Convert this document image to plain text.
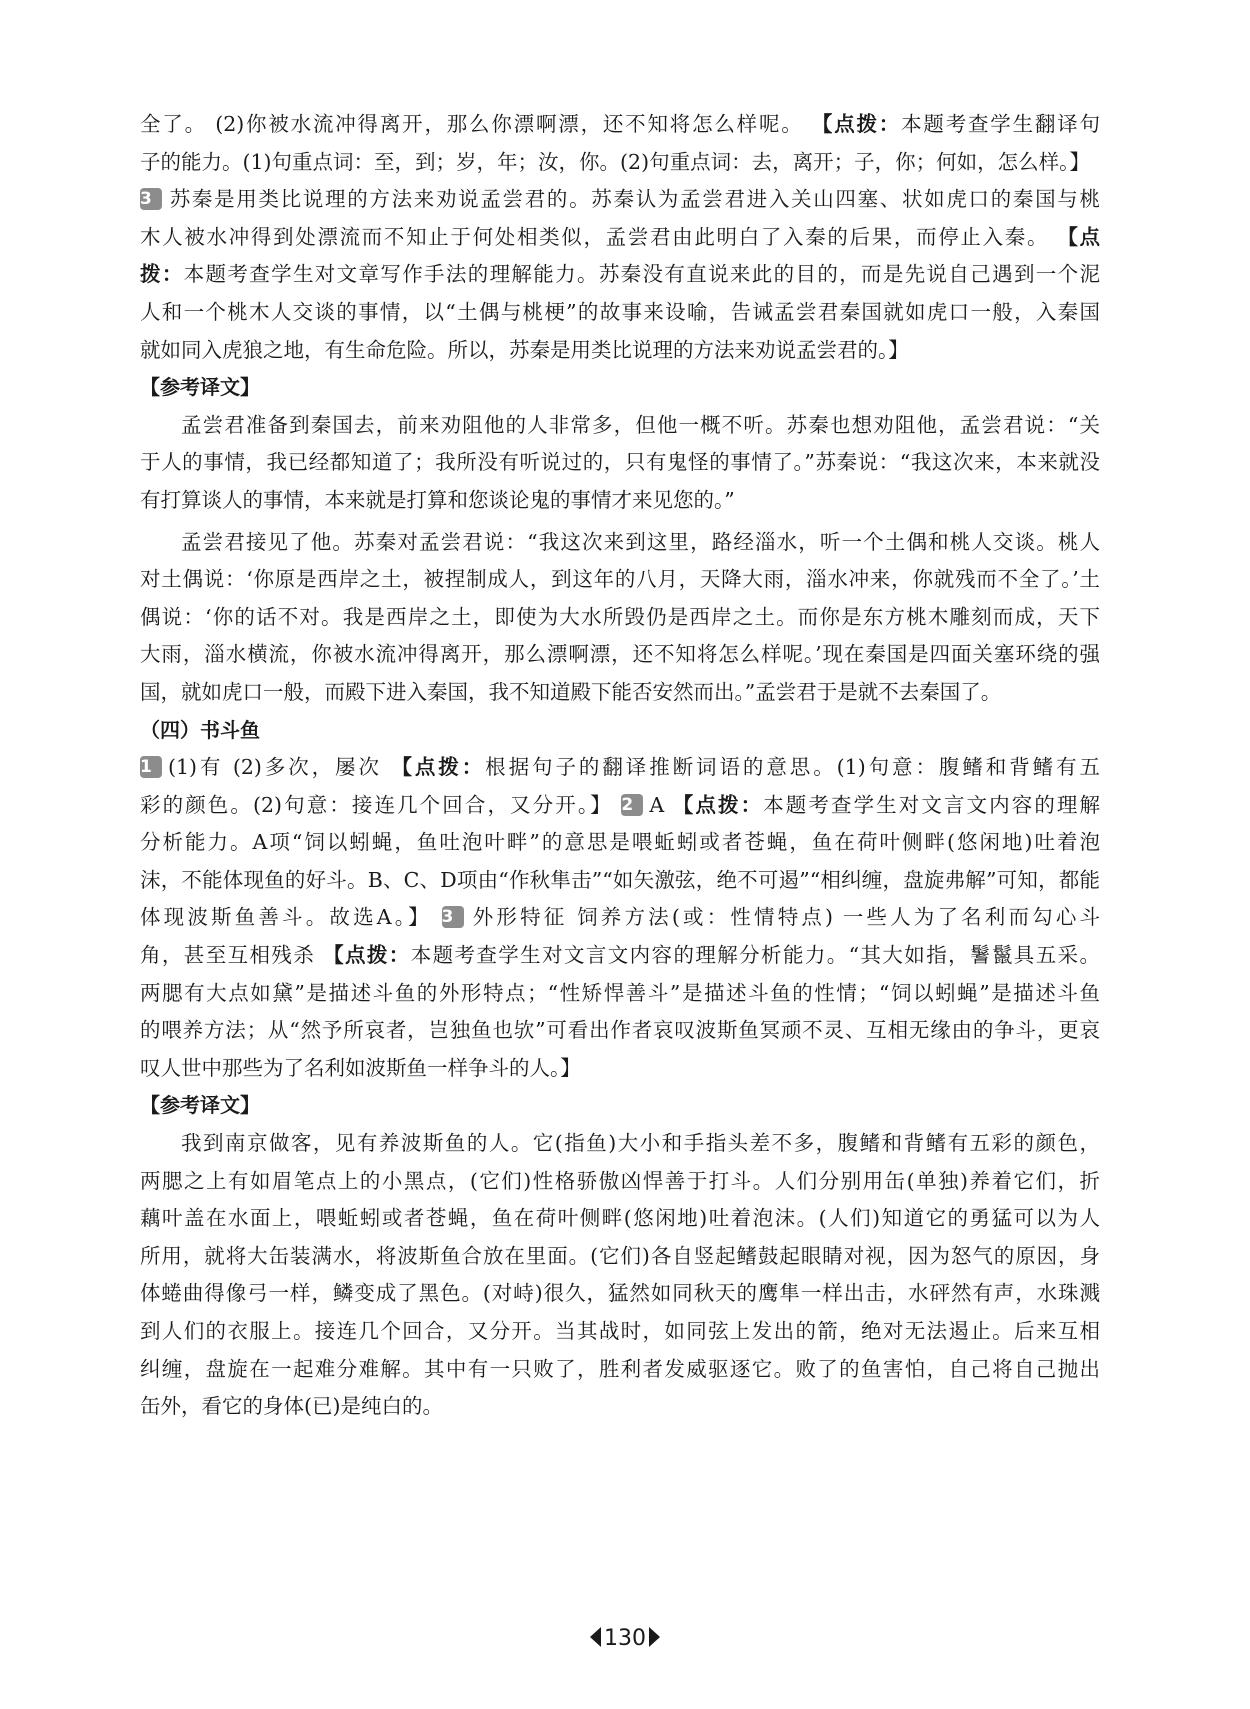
全了。 (2)你被水流冲得离开，那么你漂啊漂，还不知将怎么样呢。 【点拨：本题考查学生翻译句
子的能力。(1)句重点词：至，到；岁，年；汝，你。(2)句重点词：去，离开；子，你；何如，怎么样。】
3 苏秦是用类比说理的方法来劝说孟尝君的。苏秦认为孟尝君进入关山四塞、状如虎口的秦国与桃
木人被水冲得到处漂流而不知止于何处相类似，孟尝君由此明白了入秦的后果，而停止入秦。 【点
拨：本题考查学生对文章写作手法的理解能力。苏秦没有直说来此的目的，而是先说自己遇到一个泥
人和一个桃木人交谈的事情，以“土偶与桃梗”的故事来设喻，告诫孟尝君秦国就如虎口一般，入秦国
就如同入虎狼之地，有生命危险。所以，苏秦是用类比说理的方法来劝说孟尝君的。】
【参考译文】
孟尝君准备到秦国去，前来劝阻他的人非常多，但他一概不听。苏秦也想劝阻他，孟尝君说：“关
于人的事情，我已经都知道了；我所没有听说过的，只有鬼怪的事情了。”苏秦说：“我这次来，本来就没
有打算谈人的事情，本来就是打算和您谈论鬼的事情才来见您的。”
孟尝君接见了他。苏秦对孟尝君说：“我这次来到这里，路经淄水，听一个土偶和桃人交谈。桃人
对土偶说：‘你原是西岸之土，被捏制成人，到这年的八月，天降大雨，淄水冲来，你就残而不全了。’土
偶说：‘你的话不对。我是西岸之土，即使为大水所毁仍是西岸之土。而你是东方桃木雕刻而成，天下
大雨，淄水横流，你被水流冲得离开，那么漂啊漂，还不知将怎么样呢。’现在秦国是四面关塞环绕的强
国，就如虎口一般，而殿下进入秦国，我不知道殿下能否安然而出。”孟尝君于是就不去秦国了。
（四）书斗鱼
1 (1)有 (2)多次，屡次 【点拨：根据句子的翻译推断词语的意思。(1)句意：腹鳍和背鳍有五
彩的颜色。(2)句意：接连几个回合，又分开。】 2 A 【点拨：本题考查学生对文言文内容的理解
分析能力。A项“饲以蚓蝇，鱼吐泡叶畔”的意思是喂蚯蚓或者苍蝇，鱼在荷叶侧畔(悠闲地)吐着泡
沫，不能体现鱼的好斗。B、C、D项由“作秋隼击”“如矢激弦，绝不可遏”“相纠缠，盘旋弗解”可知，都能
体现波斯鱼善斗。故选A。】 3 外形特征 饲养方法(或：性情特点) 一些人为了名利而勾心斗
角，甚至互相残杀 【点拨：本题考查学生对文言文内容的理解分析能力。“其大如指，鬐鬣具五采。
两腮有大点如黛”是描述斗鱼的外形特点；“性矫悍善斗”是描述斗鱼的性情；“饲以蚓蝇”是描述斗鱼
的喂养方法；从“然予所哀者，岂独鱼也欤”可看出作者哀叹波斯鱼冥顽不灵、互相无缘由的争斗，更哀
叹人世中那些为了名利如波斯鱼一样争斗的人。】
【参考译文】
我到南京做客，见有养波斯鱼的人。它(指鱼)大小和手指头差不多，腹鳍和背鳍有五彩的颜色，
两腮之上有如眉笔点上的小黑点，(它们)性格骄傲凶悍善于打斗。人们分别用缶(单独)养着它们，折
藕叶盖在水面上，喂蚯蚓或者苍蝇，鱼在荷叶侧畔(悠闲地)吐着泡沫。(人们)知道它的勇猛可以为人
所用，就将大缶装满水，将波斯鱼合放在里面。(它们)各自竖起鳍鼓起眼睛对视，因为怒气的原因，身
体蜷曲得像弓一样，鳞变成了黑色。(对峙)很久，猛然如同秋天的鹰隼一样出击，水砰然有声，水珠溅
到人们的衣服上。接连几个回合，又分开。当其战时，如同弦上发出的箭，绝对无法遏止。后来互相
纠缠，盘旋在一起难分难解。其中有一只败了，胜利者发威驱逐它。败了的鱼害怕，自己将自己抛出
缶外，看它的身体(已)是纯白的。
130
